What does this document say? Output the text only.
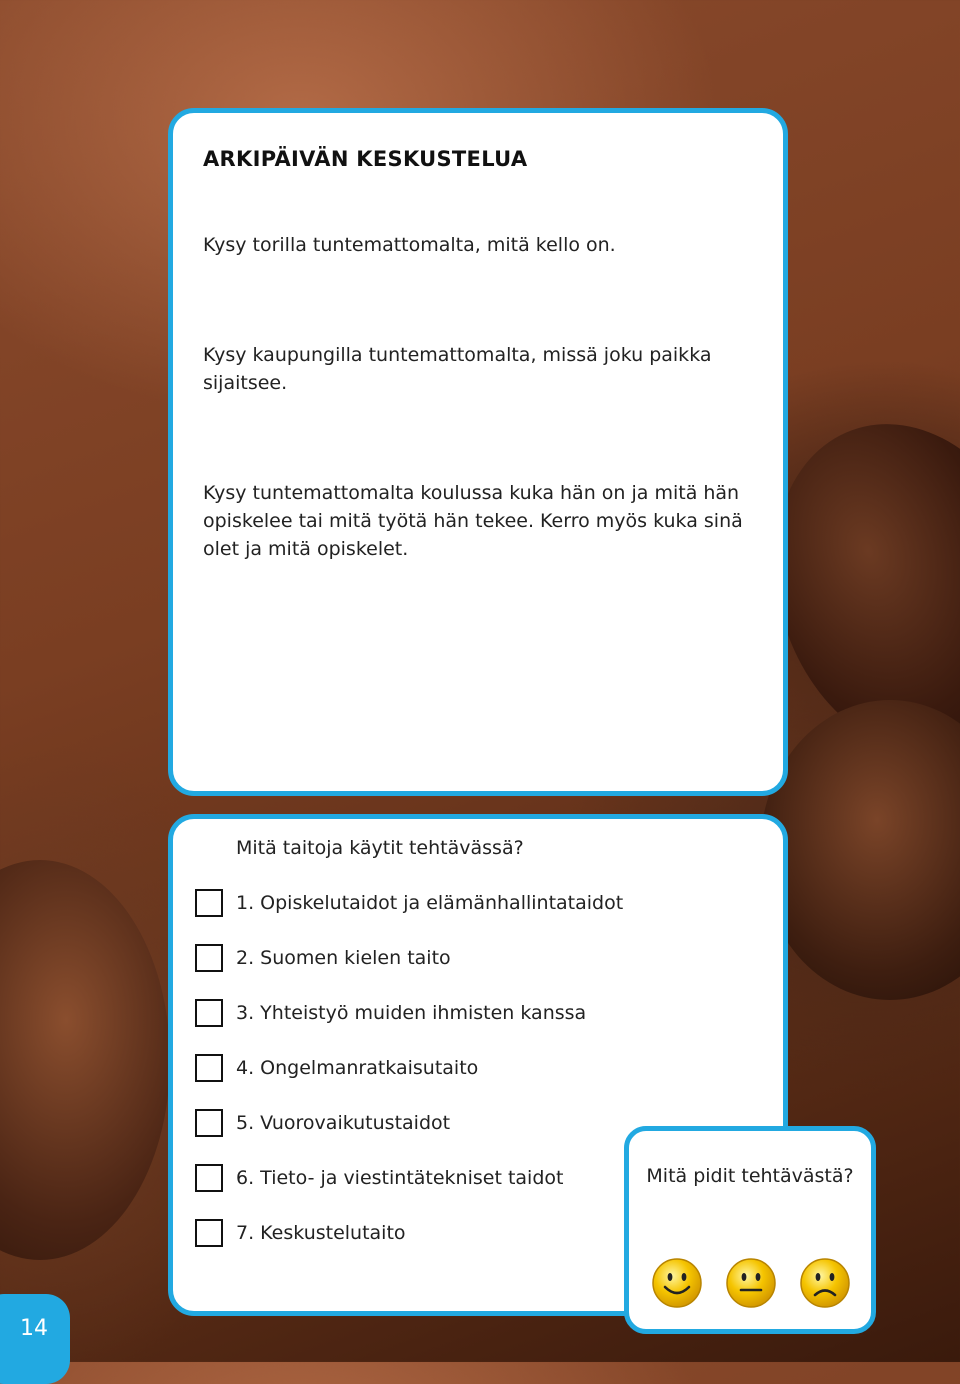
ARKIPÄIVÄN KESKUSTELUA

Kysy torilla tuntemattomalta, mitä kello on.

Kysy kaupungilla tuntemattomalta, missä joku paikka sijaitsee.

Kysy tuntemattomalta koulussa kuka hän on ja mitä hän opiskelee tai mitä työtä hän tekee. Kerro myös kuka sinä olet ja mitä opiskelet.

Mitä taitoja käytit tehtävässä?

1. Opiskelutaidot ja elämänhallintataidot
2. Suomen kielen taito
3. Yhteistyö muiden ihmisten kanssa
4. Ongelmanratkaisutaito
5. Vuorovaikutustaidot
6. Tieto- ja viestintätekniset taidot
7. Keskustelutaito

Mitä pidit tehtävästä?

14
